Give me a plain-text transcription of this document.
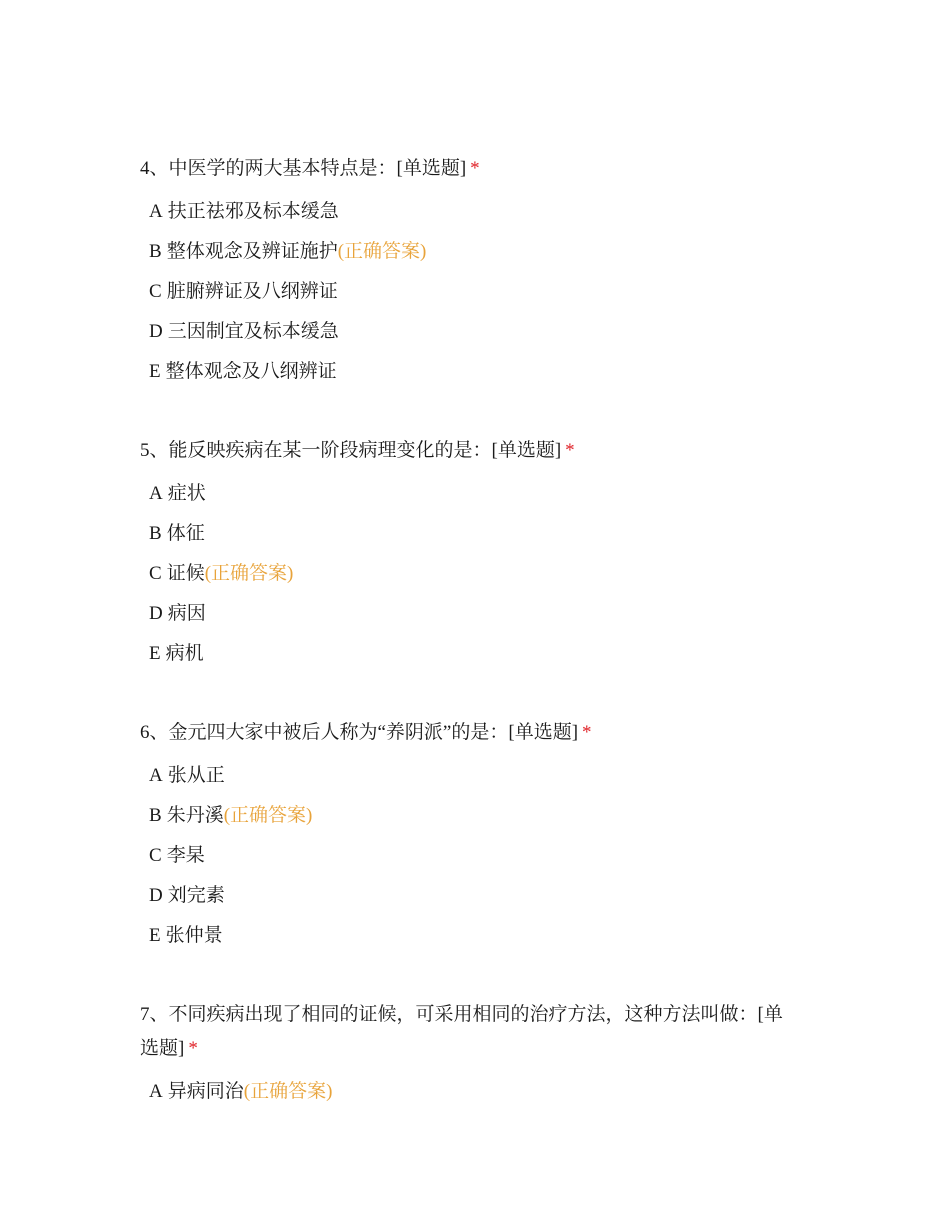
4、中医学的两大基本特点是：[单选题] *

A 扶正祛邪及标本缓急
B 整体观念及辨证施护(正确答案)
C 脏腑辨证及八纲辨证
D 三因制宜及标本缓急
E 整体观念及八纲辨证

5、能反映疾病在某一阶段病理变化的是：[单选题] *

A 症状
B 体征
C 证候(正确答案)
D 病因
E 病机

6、金元四大家中被后人称为“养阴派”的是：[单选题] *

A 张从正
B 朱丹溪(正确答案)
C 李杲
D 刘完素
E 张仲景

7、不同疾病出现了相同的证候，可采用相同的治疗方法，这种方法叫做：[单选题] *

A 异病同治(正确答案)
